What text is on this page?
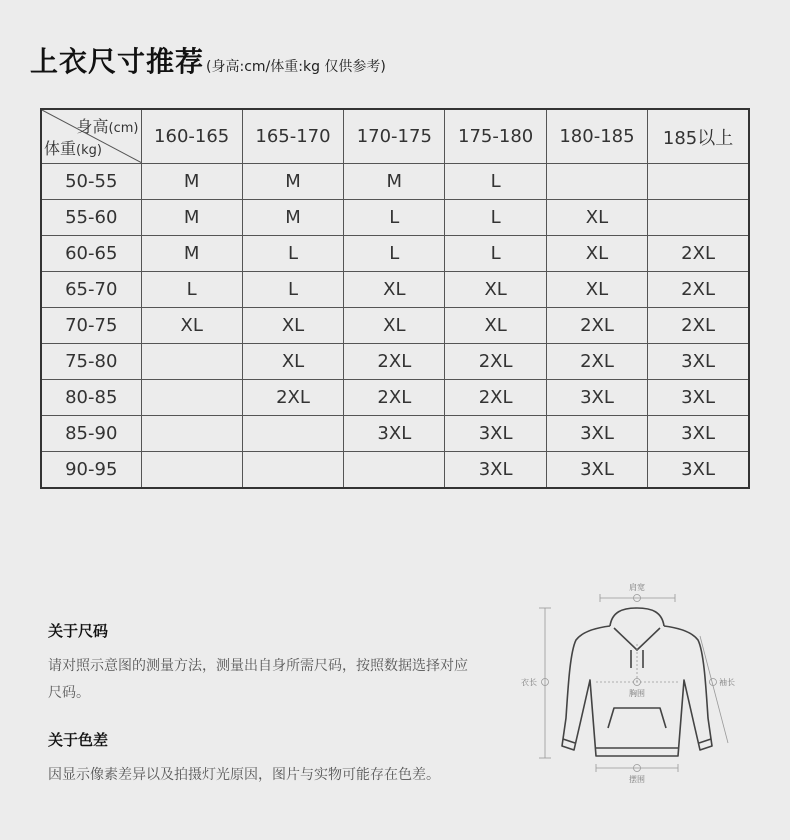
上衣尺寸推荐 (身高:cm/体重:kg 仅供参考)
身高(cm)
体重(kg)	160-165	165-170	170-175	175-180	180-185	185以上
50-55	M	M	M	L		
55-60	M	M	L	L	XL	
60-65	M	L	L	L	XL	2XL
65-70	L	L	XL	XL	XL	2XL
70-75	XL	XL	XL	XL	2XL	2XL
75-80		XL	2XL	2XL	2XL	3XL
80-85		2XL	2XL	2XL	3XL	3XL
85-90			3XL	3XL	3XL	3XL
90-95				3XL	3XL	3XL
关于尺码
请对照示意图的测量方法，测量出自身所需尺码，按照数据选择对应尺码。
关于色差
因显示像素差异以及拍摄灯光原因，图片与实物可能存在色差。
肩宽
衣长	袖长
胸围
摆围
